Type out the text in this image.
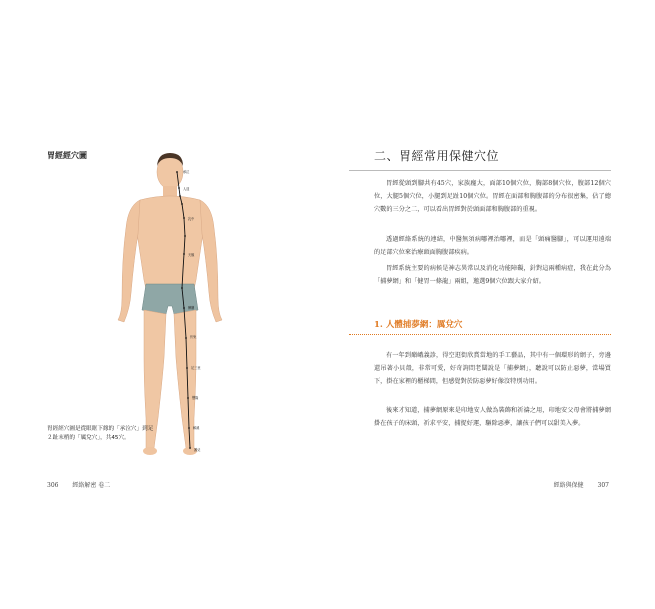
胃經經穴圖
承泣
人迎
乳中
天樞
髀關
伏兔
足三里
豐隆
解溪
厲兌
胃經經穴圖是從眼眶下緣的「承泣穴」到足２趾末梢的「厲兌穴」，共45穴。
306 經絡解密 卷二
二、胃經常用保健穴位

胃經從頭到腳共有45穴，家族龐大，面部10個穴位，胸部8個穴位，腹部12個穴位，大腿5個穴位，小腿到足趾10個穴位。胃經在面部和胸腹部的分布很密集，佔了總穴數的三分之二，可以看出胃經對於頭面部和胸腹部的重視。

透過經絡系統的連結，中醫無須病哪裡治哪裡，而是「頭痛醫腳」，可以運用遠端的足部穴位來治療頭面胸腹部疾病。

胃經系統主要的病候是神志異常以及消化功能障礙，針對這兩種病症，我在此分為「捕夢網」和「健胃一條龍」兩組，邀選9個穴位跟大家介紹。

1. 人體捕夢網：厲兌穴

有一年到巔峨義診，得空逛街欣賞當地的手工藝品，其中有一個環形的網子，旁邊還吊著小貝殼，非常可愛，好奇詢問老闆說是「捕夢網」，聽說可以防止惡夢，當場買下，掛在家裡的櫃梯間，但感覺對於防惡夢好像沒特別功用。

後來才知道，捕夢網原來是印地安人做為裝飾和祈禱之用，印地安父母會將捕夢網掛在孩子的床頭，祈求平安，捕捉好運，驅除惡夢，讓孩子們可以甜美入夢。

經絡與保健 307
